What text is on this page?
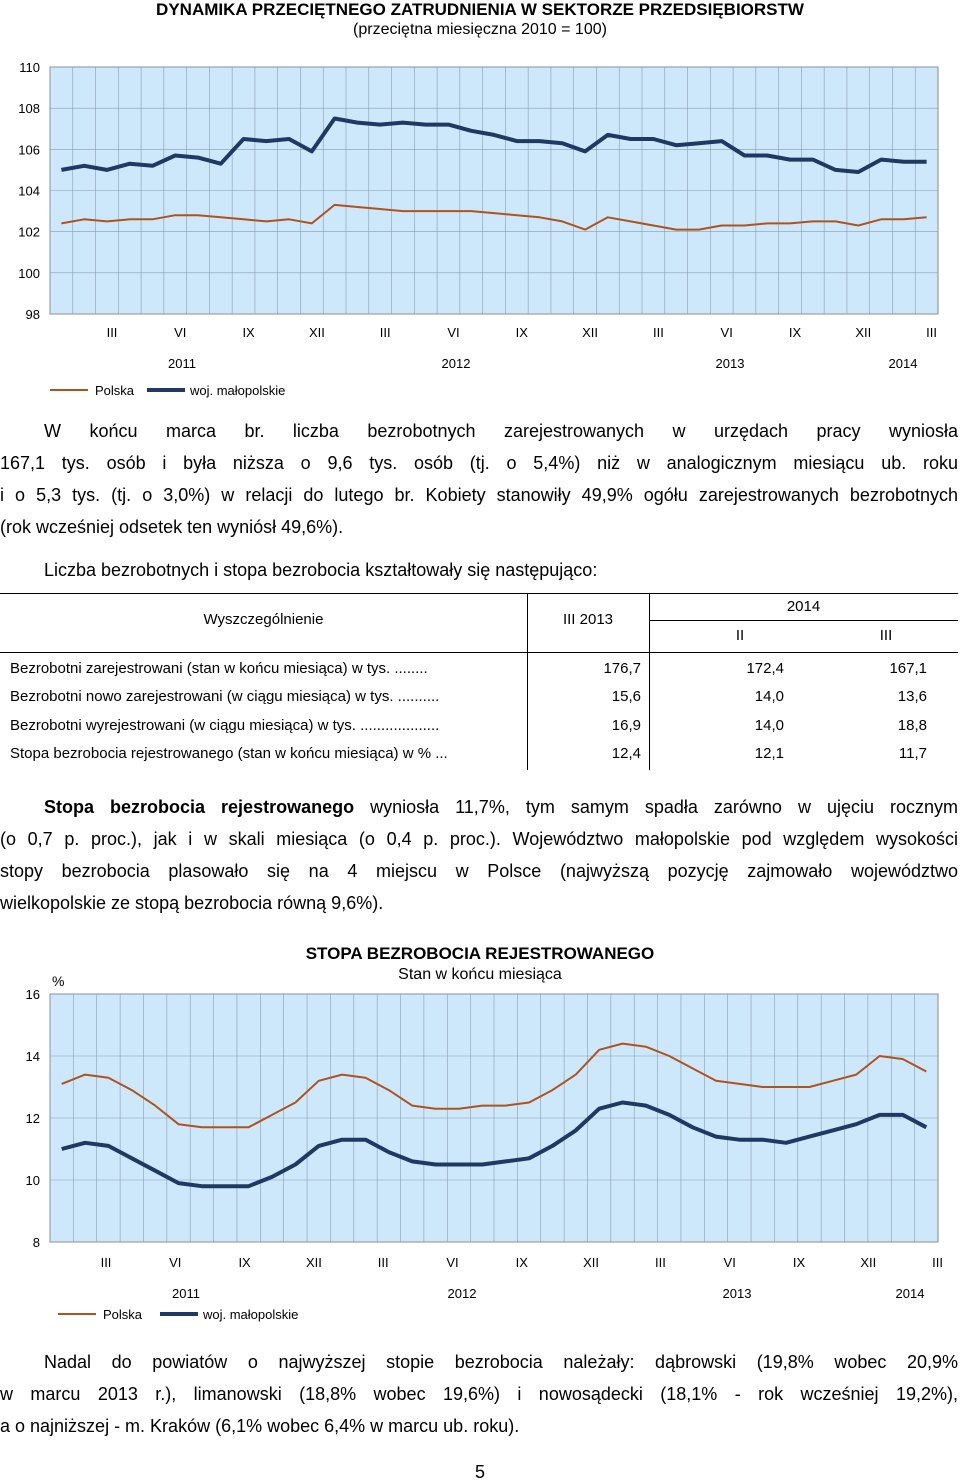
DYNAMIKA PRZECIĘTNEGO ZATRUDNIENIA W SEKTORZE PRZEDSIĘBIORSTW
(przeciętna miesięczna 2010 = 100)
98
100
102
104
106
108
110
III	VI	IX	XII	III	VI	IX	XII	III	VI	IX	XII	III
2011	2012	2013	2014
Polska	woj. małopolskie
W końcu marca br. liczba bezrobotnych zarejestrowanych w urzędach pracy wyniosła
167,1 tys. osób i była niższa o 9,6 tys. osób (tj. o 5,4%) niż w analogicznym miesiącu ub. roku
i o 5,3 tys. (tj. o 3,0%) w relacji do lutego br. Kobiety stanowiły 49,9% ogółu zarejestrowanych bezrobotnych
(rok wcześniej odsetek ten wyniósł 49,6%).
Liczba bezrobotnych i stopa bezrobocia kształtowały się następująco:
Wyszczególnienie	III 2013
2014
II	III
Bezrobotni zarejestrowani (stan w końcu miesiąca) w tys. ........	176,7	172,4	167,1
Bezrobotni nowo zarejestrowani (w ciągu miesiąca) w tys. ..........	15,6	14,0	13,6
Bezrobotni wyrejestrowani (w ciągu miesiąca) w tys. ...................	16,9	14,0	18,8
Stopa bezrobocia rejestrowanego (stan w końcu miesiąca) w % ...	12,4	12,1	11,7
Stopa bezrobocia rejestrowanego wyniosła 11,7%, tym samym spadła zarówno w ujęciu rocznym
(o 0,7 p. proc.), jak i w skali miesiąca (o 0,4 p. proc.). Województwo małopolskie pod względem wysokości
stopy bezrobocia plasowało się na 4 miejscu w Polsce (najwyższą pozycję zajmowało województwo
wielkopolskie ze stopą bezrobocia równą 9,6%).
STOPA BEZROBOCIA REJESTROWANEGO
Stan w końcu miesiąca
8
10
12
14
16
III	VI	IX	XII	III	VI	IX	XII	III	VI	IX	XII	III
2011	2012	2013	2014
Polska	woj. małopolskie
%
Nadal do powiatów o najwyższej stopie bezrobocia należały: dąbrowski (19,8% wobec 20,9%
w marcu 2013 r.), limanowski (18,8% wobec 19,6%) i nowosądecki (18,1% - rok wcześniej 19,2%),
a o najniższej - m. Kraków (6,1% wobec 6,4% w marcu ub. roku).
5
